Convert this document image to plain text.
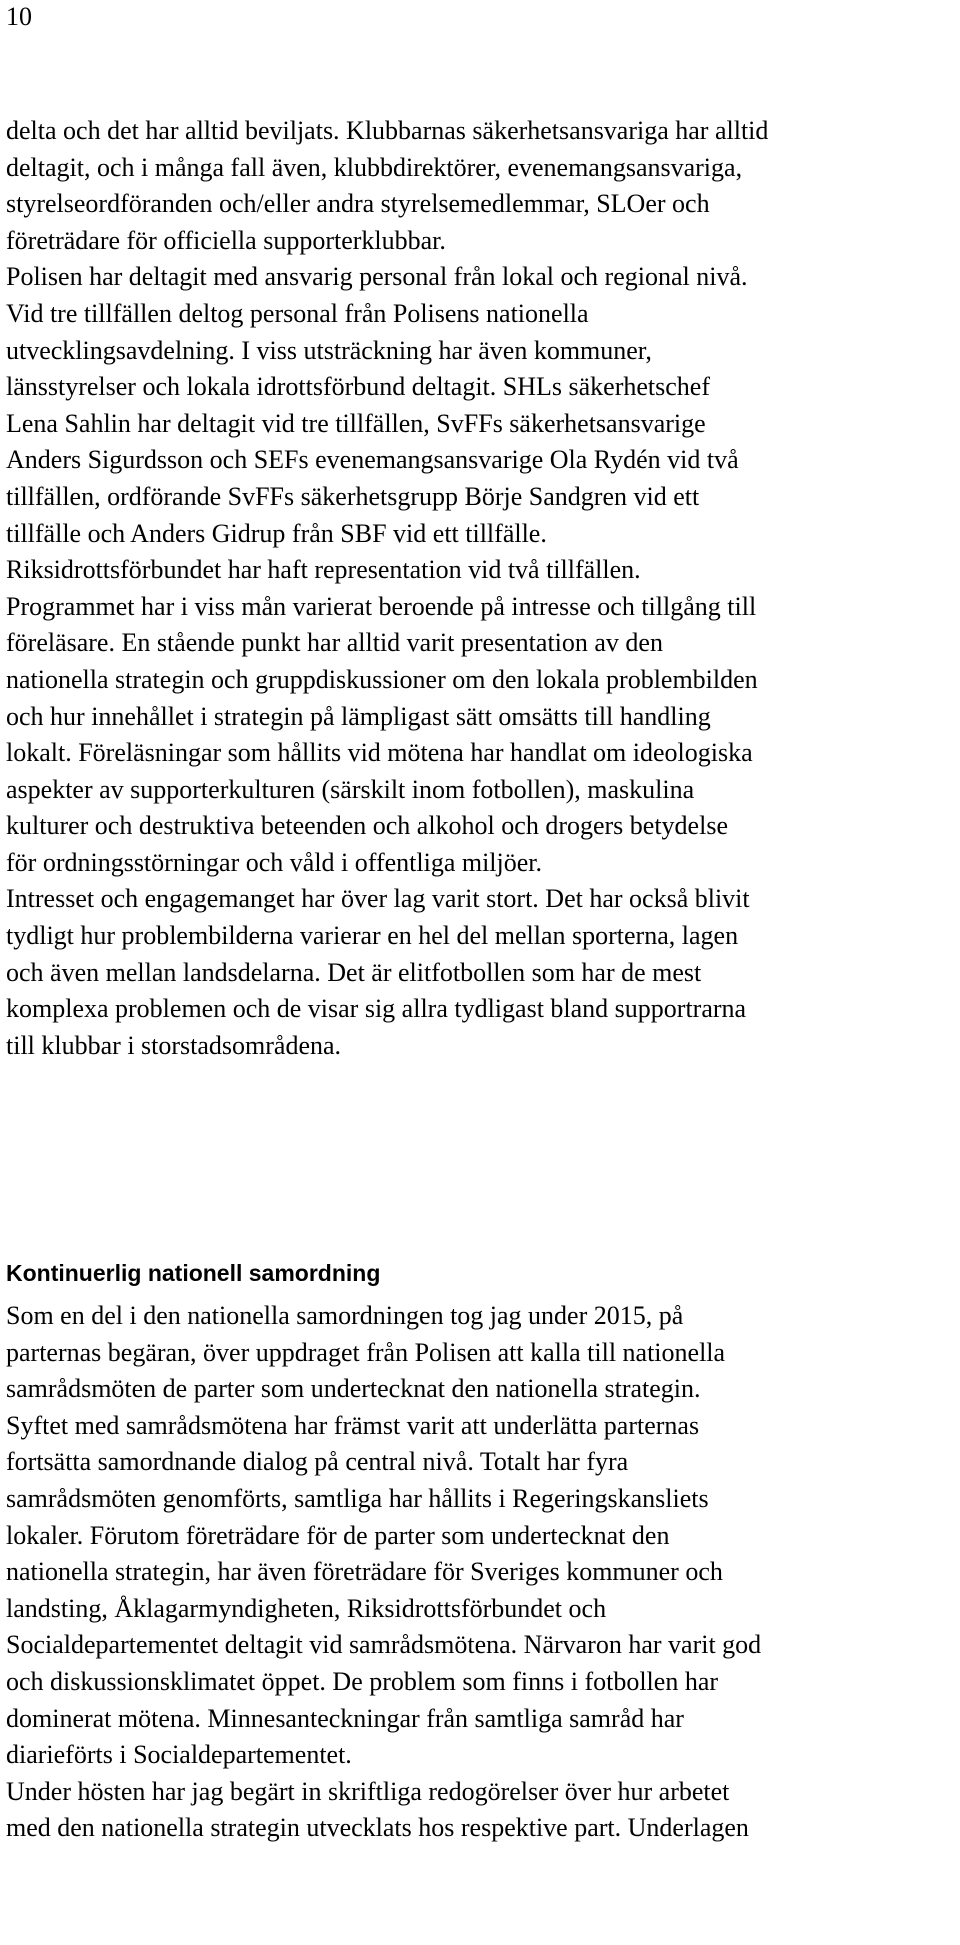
10
delta och det har alltid beviljats. Klubbarnas säkerhetsansvariga har alltid
deltagit, och i många fall även, klubbdirektörer, evenemangsansvariga,
styrelseordföranden och/eller andra styrelsemedlemmar, SLOer och
företrädare för officiella supporterklubbar.
Polisen har deltagit med ansvarig personal från lokal och regional nivå.
Vid tre tillfällen deltog personal från Polisens nationella
utvecklingsavdelning. I viss utsträckning har även kommuner,
länsstyrelser och lokala idrottsförbund deltagit. SHLs säkerhetschef
Lena Sahlin har deltagit vid tre tillfällen, SvFFs säkerhetsansvarige
Anders Sigurdsson och SEFs evenemangsansvarige Ola Rydén vid två
tillfällen, ordförande SvFFs säkerhetsgrupp Börje Sandgren vid ett
tillfälle och Anders Gidrup från SBF vid ett tillfälle.
Riksidrottsförbundet har haft representation vid två tillfällen.
Programmet har i viss mån varierat beroende på intresse och tillgång till
föreläsare. En stående punkt har alltid varit presentation av den
nationella strategin och gruppdiskussioner om den lokala problembilden
och hur innehållet i strategin på lämpligast sätt omsätts till handling
lokalt. Föreläsningar som hållits vid mötena har handlat om ideologiska
aspekter av supporterkulturen (särskilt inom fotbollen), maskulina
kulturer och destruktiva beteenden och alkohol och drogers betydelse
för ordningsstörningar och våld i offentliga miljöer.
Intresset och engagemanget har över lag varit stort. Det har också blivit
tydligt hur problembilderna varierar en hel del mellan sporterna, lagen
och även mellan landsdelarna. Det är elitfotbollen som har de mest
komplexa problemen och de visar sig allra tydligast bland supportrarna
till klubbar i storstadsområdena.
Kontinuerlig nationell samordning
Som en del i den nationella samordningen tog jag under 2015, på
parternas begäran, över uppdraget från Polisen att kalla till nationella
samrådsmöten de parter som undertecknat den nationella strategin.
Syftet med samrådsmötena har främst varit att underlätta parternas
fortsätta samordnande dialog på central nivå. Totalt har fyra
samrådsmöten genomförts, samtliga har hållits i Regeringskansliets
lokaler. Förutom företrädare för de parter som undertecknat den
nationella strategin, har även företrädare för Sveriges kommuner och
landsting, Åklagarmyndigheten, Riksidrottsförbundet och
Socialdepartementet deltagit vid samrådsmötena. Närvaron har varit god
och diskussionsklimatet öppet. De problem som finns i fotbollen har
dominerat mötena. Minnesanteckningar från samtliga samråd har
diarieförts i Socialdepartementet.
Under hösten har jag begärt in skriftliga redogörelser över hur arbetet
med den nationella strategin utvecklats hos respektive part. Underlagen
